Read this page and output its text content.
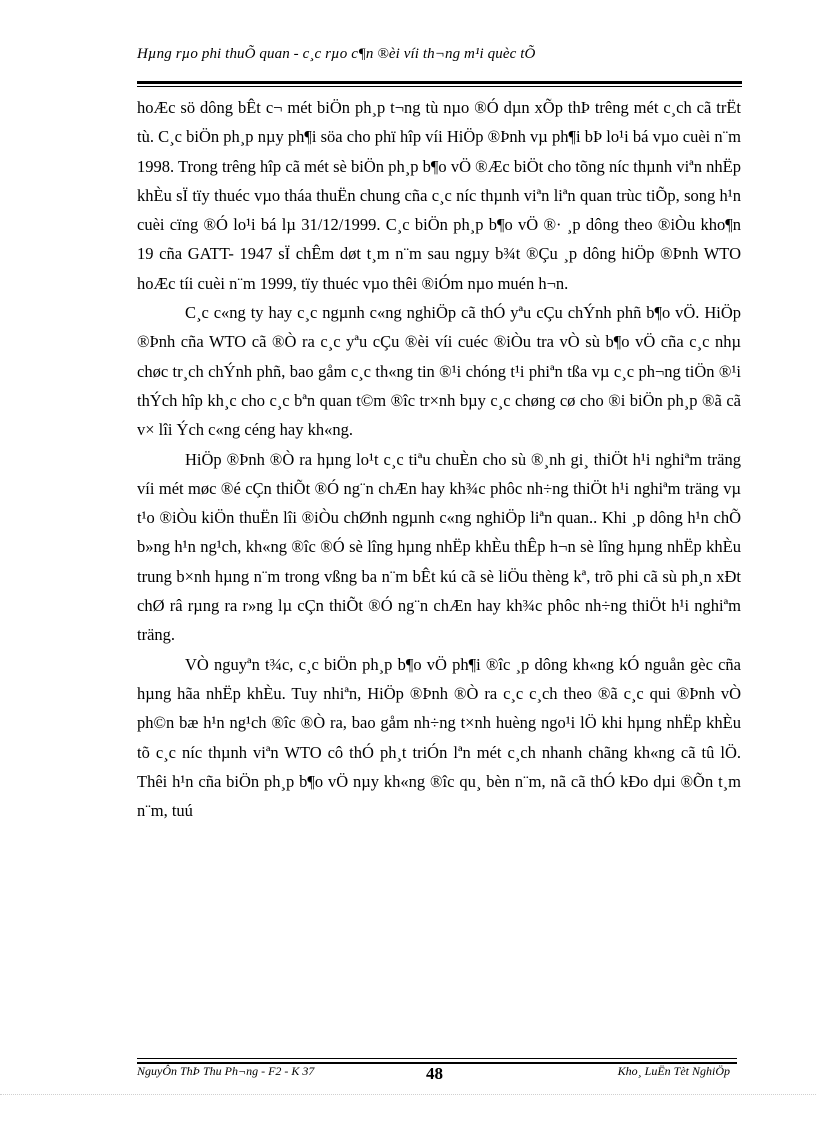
Hµng rµo phi thuÕ quan - c¸c rµo c¶n ®èi víi th¬ng m¹i quèc tÕ

hoÆc sö dông bÊt c¬ mét biÖn ph¸p t¬ng tù nµo ®Ó dµn xÕp thÞ trêng mét c¸ch cã trËt tù. C¸c biÖn ph¸p nµy ph¶i söa cho phï hîp víi HiÖp ®Þnh vµ ph¶i bÞ lo¹i bá vµo cuèi n¨m 1998. Trong trêng hîp cã mét sè biÖn ph¸p b¶o vÖ ®Æc biÖt cho tõng níc thµnh viªn nhËp khÈu sÏ tïy thuéc vµo tháa thuËn chung cña c¸c níc thµnh viªn liªn quan trùc tiÕp, song h¹n cuèi cïng ®Ó lo¹i bá lµ 31/12/1999. C¸c biÖn ph¸p b¶o vÖ ®· ¸p dông theo ®iÒu kho¶n 19 cña GATT- 1947 sÏ chÊm døt t¸m n¨m sau ngµy b¾t ®Çu ¸p dông hiÖp ®Þnh WTO hoÆc tíi cuèi n¨m 1999, tïy thuéc vµo thêi ®iÓm nµo muén h¬n.

C¸c c«ng ty hay c¸c ngµnh c«ng nghiÖp cã thÓ yªu cÇu chÝnh phñ b¶o vÖ. HiÖp ®Þnh cña WTO cã ®Ò ra c¸c yªu cÇu ®èi víi cuéc ®iÒu tra vÒ sù b¶o vÖ cña c¸c nhµ chøc tr¸ch chÝnh phñ, bao gåm c¸c th«ng tin ®¹i chóng t¹i phiªn tßa vµ c¸c ph¬ng tiÖn ®¹i thÝch hîp kh¸c cho c¸c bªn quan t©m ®îc tr×nh bµy c¸c chøng cø cho ®i biÖn ph¸p ®ã cã v× lîi Ých c«ng céng hay kh«ng.

HiÖp ®Þnh ®Ò ra hµng lo¹t c¸c tiªu chuÈn cho sù ®¸nh gi¸ thiÖt h¹i nghiªm träng víi mét møc ®é cÇn thiÕt ®Ó ng¨n chÆn hay kh¾c phôc nh÷ng thiÖt h¹i nghiªm träng vµ t¹o ®iÒu kiÖn thuËn lîi ®iÒu chØnh ngµnh c«ng nghiÖp liªn quan.. Khi ¸p dông h¹n chÕ b»ng h¹n ng¹ch, kh«ng ®îc ®Ó sè lîng hµng nhËp khÈu thÊp h¬n sè lîng hµng nhËp khÈu trung b×nh hµng n¨m trong vßng ba n¨m bÊt kú cã sè liÖu thèng kª, trõ phi cã sù ph¸n xÐt chØ râ rµng ra r»ng lµ cÇn thiÕt ®Ó ng¨n chÆn hay kh¾c phôc nh÷ng thiÖt h¹i nghiªm träng.

VÒ nguyªn t¾c, c¸c biÖn ph¸p b¶o vÖ ph¶i ®îc ¸p dông kh«ng kÓ nguån gèc cña hµng hãa nhËp khÈu. Tuy nhiªn, HiÖp ®Þnh ®Ò ra c¸c c¸ch theo ®ã c¸c qui ®Þnh vÒ ph©n bæ h¹n ng¹ch ®îc ®Ò ra, bao gåm nh÷ng t×nh huèng ngo¹i lÖ khi hµng nhËp khÈu tõ c¸c níc thµnh viªn WTO cô thÓ ph¸t triÓn lªn mét c¸ch nhanh chãng kh«ng cã tû lÖ. Thêi h¹n cña biÖn ph¸p b¶o vÖ nµy kh«ng ®îc qu¸ bèn n¨m, nã cã thÓ kÐo dµi ®Õn t¸m n¨m, tuú

NguyÔn ThÞ Thu Ph¬ng - F2 - K 37	48	Kho¸ LuËn Tèt NghiÖp
